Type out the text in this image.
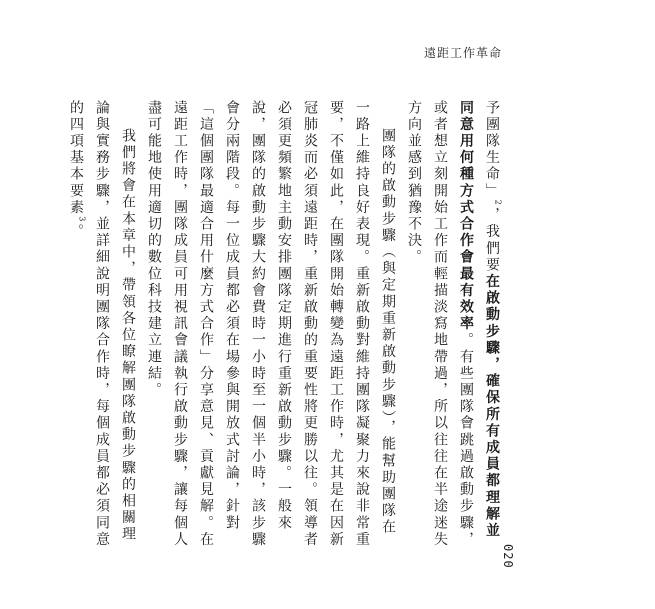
遠距工作革命

予團隊生命」$^2$，我們要在啟動步驟，確保所有成員都理解並同意用何種方式合作會最有效率。有些團隊會跳過啟動步驟，或者想立刻開始工作而輕描淡寫地帶過，所以往往在半途迷失方向並感到猶豫不決。

團隊的啟動步驟（與定期重新啟動步驟），能幫助團隊在一路上維持良好表現。重新啟動對維持團隊凝聚力來說非常重要，不僅如此，在團隊開始轉變為遠距工作時，尤其是在因新冠肺炎而必須遠距時，重新啟動的重要性將更勝以往。領導者必須更頻繁地主動安排團隊定期進行重新啟動步驟。一般來說，團隊的啟動步驟大約會費時一小時至一個半小時，該步驟會分兩階段。每一位成員都必須在場參與開放式討論，針對「這個團隊最適合用什麼方式合作」分享意見、貢獻見解。在遠距工作時，團隊成員可用視訊會議執行啟動步驟，讓每個人盡可能地使用適切的數位科技建立連結。

我們將會在本章中，帶領各位瞭解團隊啟動步驟的相關理論與實務步驟，並詳細說明團隊合作時，每個成員都必須同意的四項基本要素$^3$。

020
